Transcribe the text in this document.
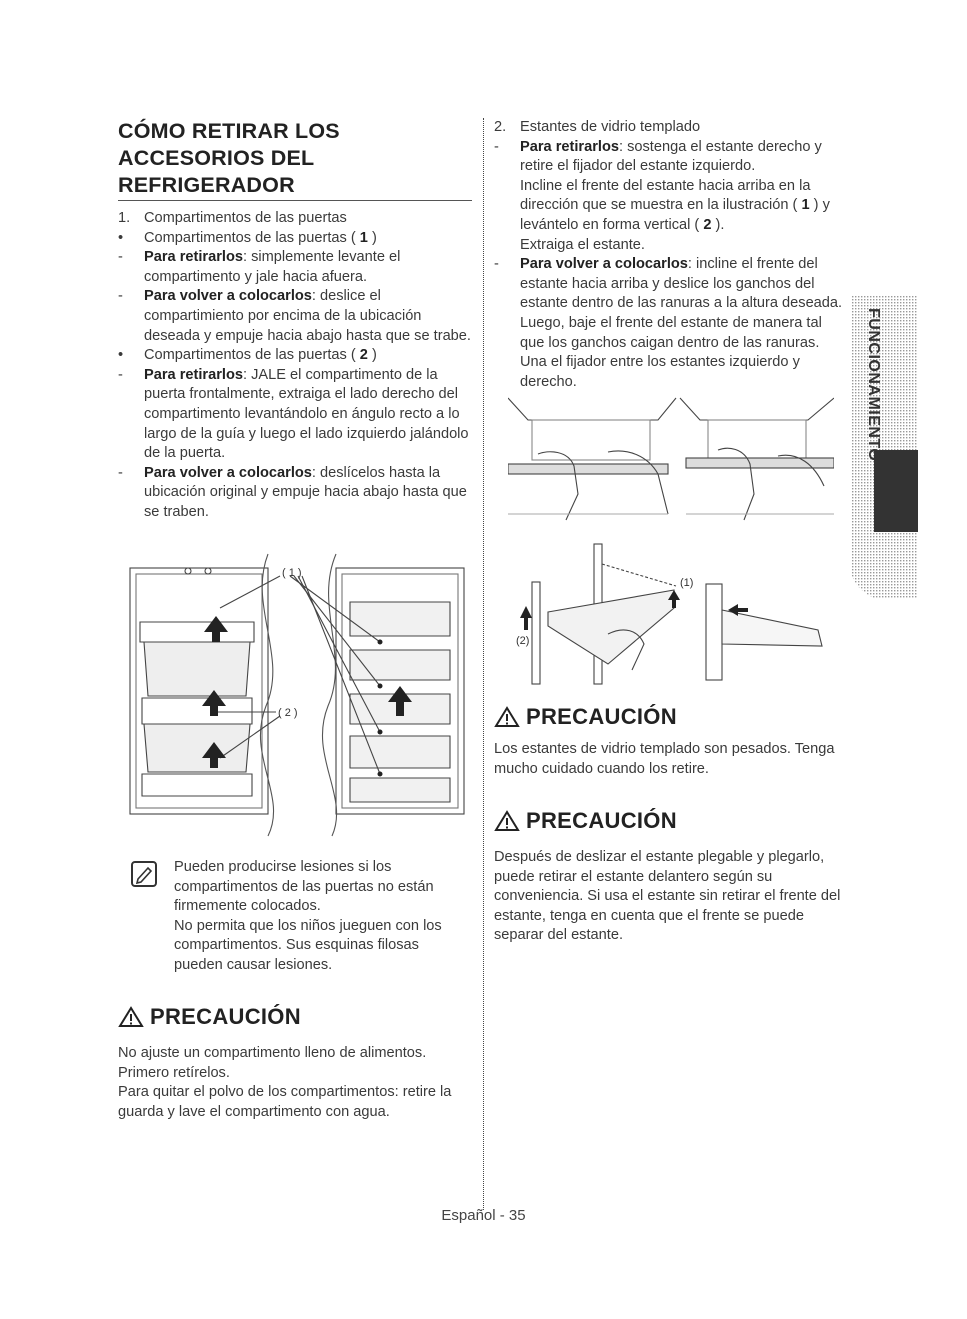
CÓMO RETIRAR LOS ACCESORIOS DEL REFRIGERADOR
1. Compartimentos de las puertas
•	Compartimentos de las puertas ( 1 )
-	Para retirarlos: simplemente levante el compartimento y jale hacia afuera.
-	Para volver a colocarlos: deslice el compartimiento por encima de la ubicación deseada y empuje hacia abajo hasta que se trabe.
•	Compartimentos de las puertas ( 2 )
-	Para retirarlos: JALE el compartimento de la puerta frontalmente, extraiga el lado derecho del compartimento levantándolo en ángulo recto a lo largo de la guía y luego el lado izquierdo jalándolo de la puerta.
-	Para volver a colocarlos: deslícelos hasta la ubicación original y empuje hacia abajo hasta que se traben.
( 1 )
( 2 )
Pueden producirse lesiones si los compartimentos de las puertas no están firmemente colocados.
No permita que los niños jueguen con los compartimentos. Sus esquinas filosas pueden causar lesiones.
PRECAUCIÓN
No ajuste un compartimento lleno de alimentos. Primero retírelos.
Para quitar el polvo de los compartimentos: retire la guarda y lave el compartimento con agua.
2. Estantes de vidrio templado
-	Para retirarlos: sostenga el estante derecho y retire el fijador del estante izquierdo.
Incline el frente del estante hacia arriba en la dirección que se muestra en la ilustración ( 1 ) y levántelo en forma vertical ( 2 ).
Extraiga el estante.
-	Para volver a colocarlos: incline el frente del estante hacia arriba y deslice los ganchos del estante dentro de las ranuras a la altura deseada. Luego, baje el frente del estante de manera tal que los ganchos caigan dentro de las ranuras. Una el fijador entre los estantes izquierdo y derecho.
(1)
(2)
PRECAUCIÓN
Los estantes de vidrio templado son pesados. Tenga mucho cuidado cuando los retire.
PRECAUCIÓN
Después de deslizar el estante plegable y plegarlo, puede retirar el estante delantero según su conveniencia. Si usa el estante sin retirar el frente del estante, tenga en cuenta que el frente se puede separar del estante.
FUNCIONAMIENTO
Español - 35
